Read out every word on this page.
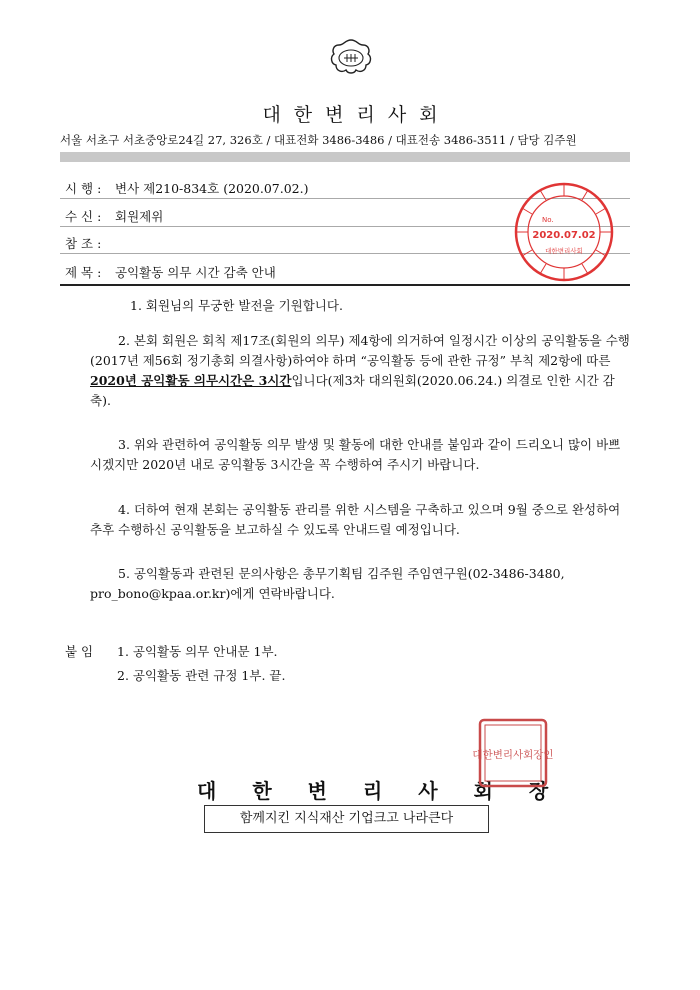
대한변리사회
서울 서초구 서초중앙로24길 27, 326호 / 대표전화 3486-3486 / 대표전송 3486-3511 / 담당 김주원
시 행 : 변사 제210-834호 (2020.07.02.)
수 신 : 회원제위
참 조 :
제 목 : 공익활동 의무 시간 감축 안내
No.
2020.07.02
대한변리사회
1. 회원님의 무궁한 발전을 기원합니다.
2. 본회 회원은 회칙 제17조(회원의 의무) 제4항에 의거하여 일정시간 이상의 공익활동을 수행(2017년 제56회 정기총회 의결사항)하여야 하며 “공익활동 등에 관한 규정” 부칙 제2항에 따른 2020년 공익활동 의무시간은 3시간입니다(제3차 대의원회(2020.06.24.) 의결로 인한 시간 감축).
3. 위와 관련하여 공익활동 의무 발생 및 활동에 대한 안내를 붙임과 같이 드리오니 많이 바쁘시겠지만 2020년 내로 공익활동 3시간을 꼭 수행하여 주시기 바랍니다.
4. 더하여 현재 본회는 공익활동 관리를 위한 시스템을 구축하고 있으며 9월 중으로 완성하여 추후 수행하신 공익활동을 보고하실 수 있도록 안내드릴 예정입니다.
5. 공익활동과 관련된 문의사항은 총무기획팀 김주원 주임연구원(02-3486-3480, pro_bono@kpaa.or.kr)에게 연락바랍니다.
붙 임 1. 공익활동 의무 안내문 1부.
2. 공익활동 관련 규정 1부. 끝.
대한변리사회장
대한변리사회장인
함께지킨 지식재산 기업크고 나라큰다
